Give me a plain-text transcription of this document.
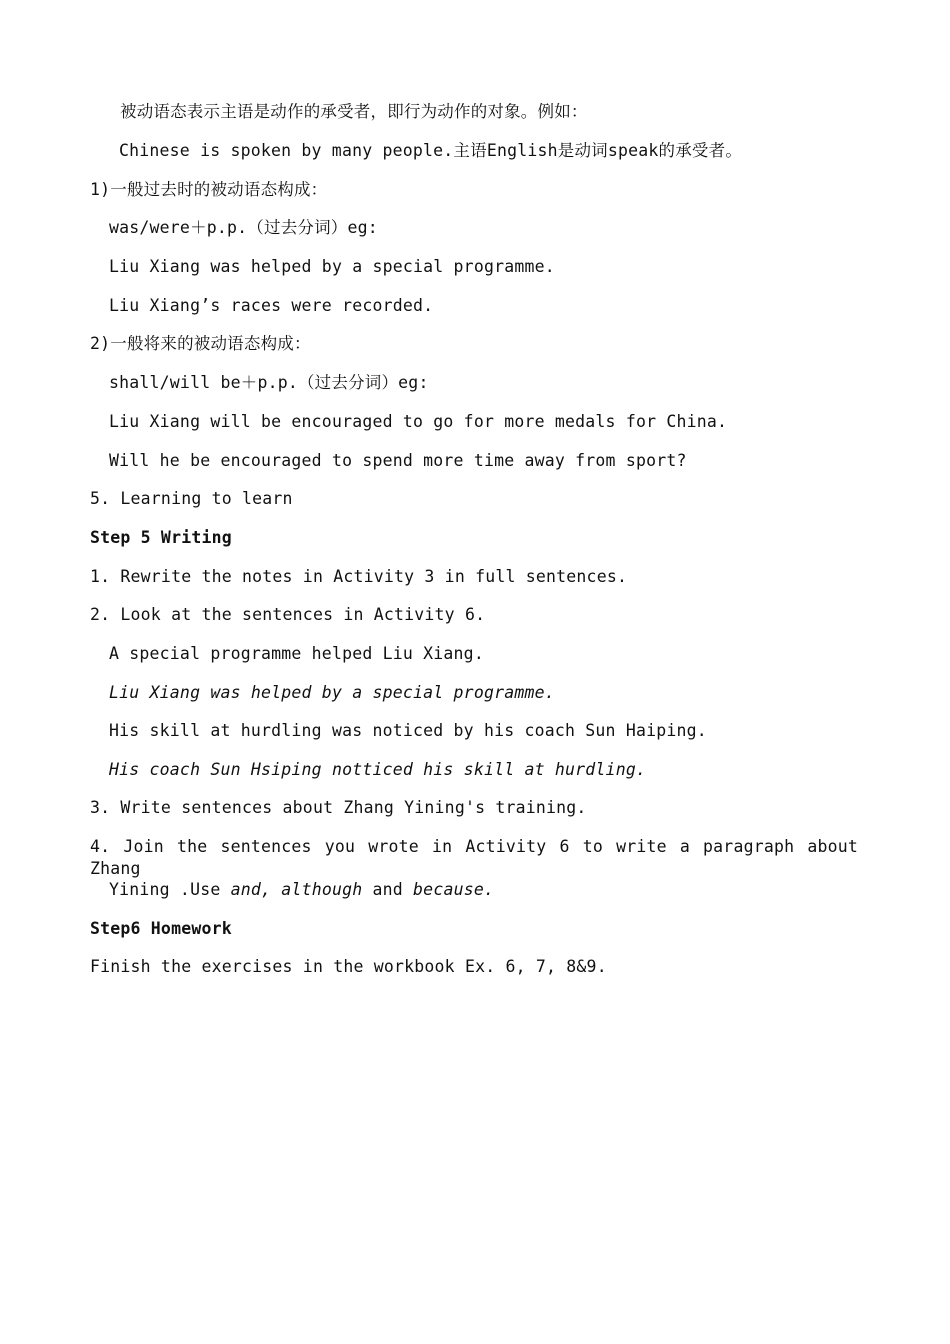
被动语态表示主语是动作的承受者，即行为动作的对象。例如：
Chinese is spoken by many people.主语English是动词speak的承受者。
1)一般过去时的被动语态构成：
was/were＋p.p.（过去分词）eg:
Liu Xiang was helped by a special programme.
Liu Xiang’s races were recorded.
2)一般将来的被动语态构成：
shall/will be＋p.p.（过去分词）eg:
Liu Xiang will be encouraged to go for more medals for China.
Will he be encouraged to spend more time away from sport?
5. Learning to learn
Step 5 Writing
1. Rewrite the notes in Activity 3 in full sentences.
2. Look at the sentences in Activity 6.
A special programme helped Liu Xiang.
Liu Xiang was helped by a special programme.
His skill at hurdling was noticed by his coach Sun Haiping.
His coach Sun Hsiping notticed his skill at hurdling.
3. Write sentences about Zhang Yining's training.
4. Join the sentences you wrote in Activity 6 to write a paragraph about Zhang
Yining .Use and, although and because.
Step6 Homework
Finish the exercises in the workbook Ex. 6, 7, 8&9.
